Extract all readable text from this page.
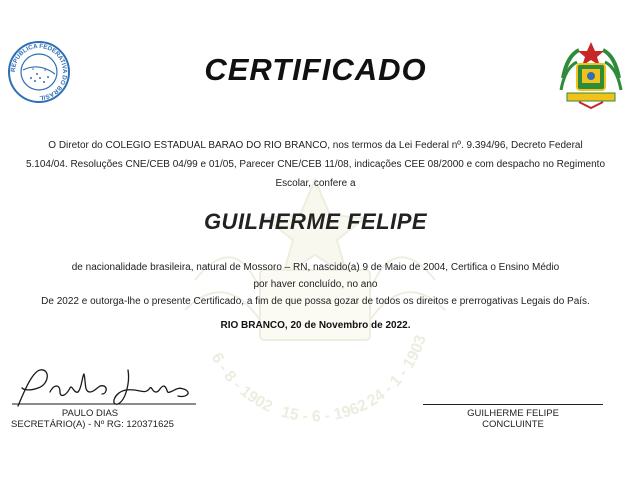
6 - 8 - 1902 15 - 6 - 1962
24 - 1 - 1903
REPÚBLICA FEDERATIVA DO BRASIL
CERTIFICADO
O Diretor do COLEGIO ESTADUAL BARAO DO RIO BRANCO, nos termos da Lei Federal nº. 9.394/96, Decreto Federal
5.104/04. Resoluções CNE/CEB 04/99 e 01/05, Parecer CNE/CEB 11/08, indicações CEE 08/2000 e com despacho no Regimento
Escolar, confere a
GUILHERME FELIPE
de nacionalidade brasileira, natural de Mossoro – RN, nascido(a) 9 de Maio de 2004, Certifica o Ensino Médio
por haver concluído, no ano
De 2022 e outorga-lhe o presente Certificado, a fim de que possa gozar de todos os direitos e prerrogativas Legais do País.
RIO BRANCO, 20 de Novembro de 2022.
PAULO DIAS
SECRETÁRIO(A) - Nº RG: 120371625
GUILHERME FELIPE
CONCLUINTE
